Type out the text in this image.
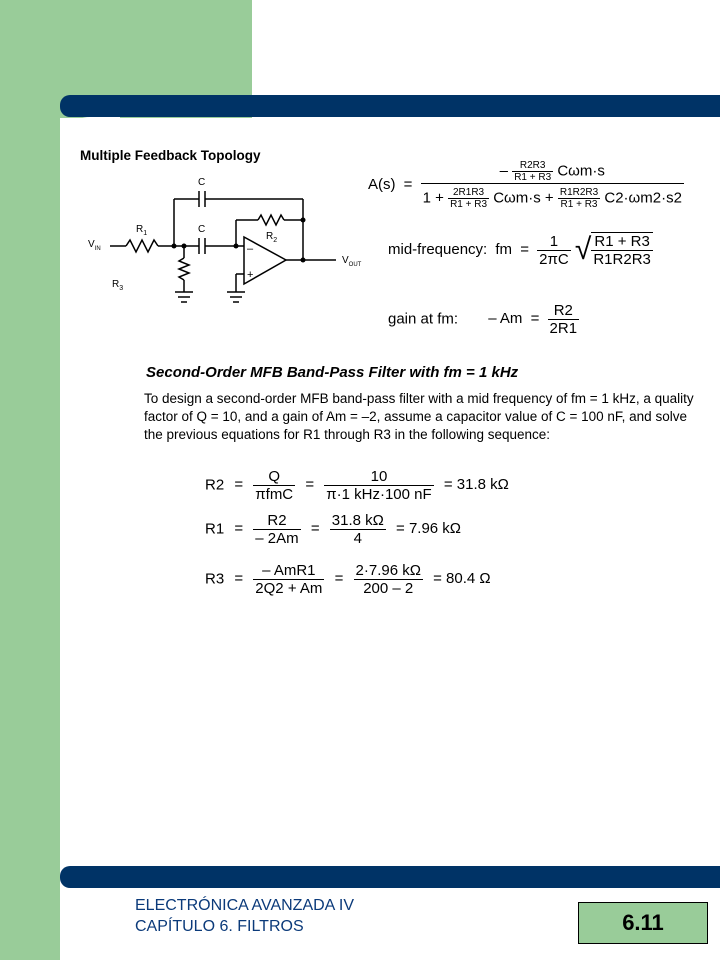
Multiple Feedback Topology
C
C
$R_1$	$R_2$
$R_3$
$V_{IN}$
$V_{OUT}$
–
+
A(s) =
– $\frac{R2R3}{R1 + R3} C\omega m\cdot s$
$1 + \frac{2R1R3}{R1 + R3} C\omega m\cdot s + \frac{R1R2R3}{R1 + R3} C2\cdot\omega m2\cdot s2$
mid-frequency: fm = $\frac{1}{2\pi C}$ √ $\frac{R1 + R3}{R1R2R3}$
gain at fm: – $Am = \frac{R2}{2R1}$
Second-Order MFB Band-Pass Filter with fm = 1 kHz
To design a second-order MFB band-pass filter with a mid frequency of fm = 1 kHz, a quality factor of Q = 10, and a gain of Am = –2, assume a capacitor value of C = 100 nF, and solve the previous equations for R1 through R3 in the following sequence:
$R2 = \frac{Q}{\text{πfmC}} = \frac{10}{\text{π·1 kHz·100 nF}} = 31.8$ kΩ
$R1 = \frac{R2}{- 2Am} = \frac{31.8 k\Omega}{4} = 7.96$ kΩ
$R3 = \frac{\text{– AmR1}}{2Q2 + Am} = \frac{2\cdot 7.96 k\Omega}{200 - 2} = 80.4$ Ω
ELECTRÓNICA AVANZADA IV
CAPÍTULO 6. FILTROS	6.11
